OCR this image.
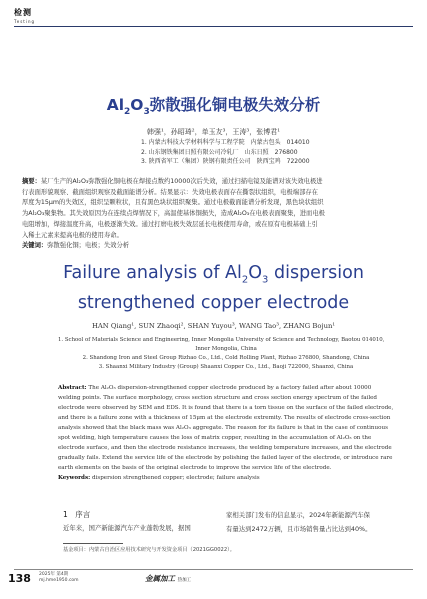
检测
Testing
$Al_2O_3$弥散强化铜电极失效分析
韩强¹，孙昭琦²，单玉友³，王涛³，张博君¹
1. 内蒙古科技大学材料科学与工程学院　内蒙古包头　014010
2. 山东钢铁集团日照有限公司冷轧厂　山东日照　276800
3. 陕西省军工（集团）陕钢有限责任公司　陕西宝鸡　722000
摘要：某厂生产的Al₂O₃弥散强化铜电极在焊接点数约10000次后失效，通过扫描电镜及能谱对该失效电极进
行表面形貌观察、截面组织观察及截面能谱分析。结果显示：失效电极表面存在撕裂状组织，电极端部存在
厚度为15μm的失效区，组织呈颗粒状，且有黑色块状组织聚集。通过电极截面能谱分析发现，黑色块状组织
为Al₂O₃聚集物。其失效原因为在连续点焊情况下，高温使基体铜损失，造成Al₂O₃在电极表面聚集，进而电极
电阻增加，焊接温度升高，电极逐渐失效。通过打磨电极失效层延长电极使用寿命，或在原有电极基础上引
入稀土元素来提高电极的使用寿命。
关键词：弥散强化铜；电极；失效分析
Failure analysis of $Al_2O_3$ dispersion
strengthened copper electrode
HAN Qiang¹, SUN Zhaoqi², SHAN Yuyou³, WANG Tao³, ZHANG Bojun¹
1. School of Materials Science and Engineering, Inner Mongolia University of Science and Technology, Baotou 014010,
Inner Mongolia, China
2. Shandong Iron and Steel Group Rizhao Co., Ltd., Cold Rolling Plant, Rizhao 276800, Shandong, China
3. Shaanxi Military Industry (Group) Shaanxi Copper Co., Ltd., Baoji 722000, Shaanxi, China
Abstract: The Al₂O₃ dispersion-strengthened copper electrode produced by a factory failed after about 10000
welding points. The surface morphology, cross section structure and cross section energy spectrum of the failed
electrode were observed by SEM and EDS. It is found that there is a torn tissue on the surface of the failed electrode,
and there is a failure zone with a thickness of 15μm at the electrode extremity. The results of electrode cross-section
analysis showed that the black mass was Al₂O₃ aggregate. The reason for its failure is that in the case of continuous
spot welding, high temperature causes the loss of matrix copper, resulting in the accumulation of Al₂O₃ on the
electrode surface, and then the electrode resistance increases, the welding temperature increases, and the electrode
gradually fails. Extend the service life of the electrode by polishing the failed layer of the electrode, or introduce rare
earth elements on the basis of the original electrode to improve the service life of the electrode.
Keywords: dispersion strengthened copper; electrode; failure analysis
1　 序言
近年来，国产新能源汽车产业蓬勃发展，据国
家相关部门发布的信息显示，2024年新能源汽车保
有量达到2472万辆，且市场销售量占比达到40%。
基金项目：内蒙古自治区应用技术研究与开发资金项目（2021GG0022）。
138 2025年 第4期
mj.hme1950.com	金属加工 热加工
